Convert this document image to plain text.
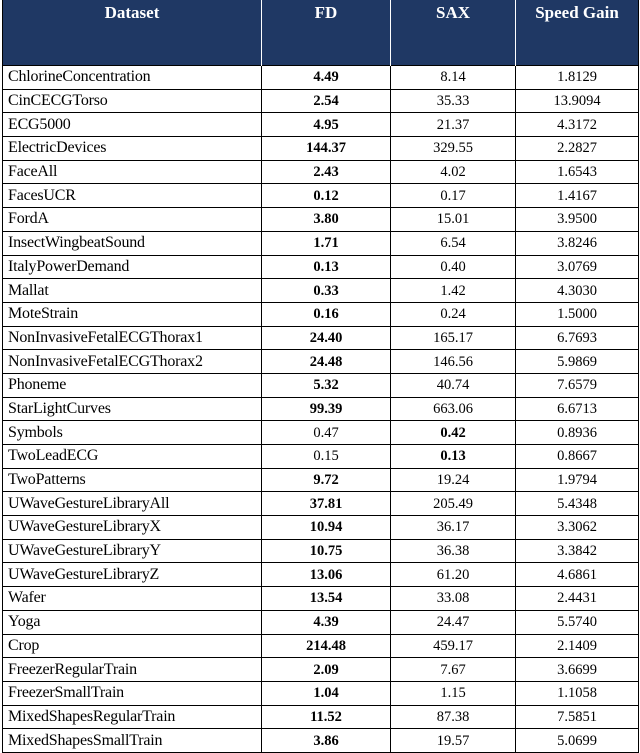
Dataset	FD	SAX	Speed Gain
ChlorineConcentration	4.49	8.14	1.8129
CinCECGTorso	2.54	35.33	13.9094
ECG5000	4.95	21.37	4.3172
ElectricDevices	144.37	329.55	2.2827
FaceAll	2.43	4.02	1.6543
FacesUCR	0.12	0.17	1.4167
FordA	3.80	15.01	3.9500
InsectWingbeatSound	1.71	6.54	3.8246
ItalyPowerDemand	0.13	0.40	3.0769
Mallat	0.33	1.42	4.3030
MoteStrain	0.16	0.24	1.5000
NonInvasiveFetalECGThorax1	24.40	165.17	6.7693
NonInvasiveFetalECGThorax2	24.48	146.56	5.9869
Phoneme	5.32	40.74	7.6579
StarLightCurves	99.39	663.06	6.6713
Symbols	0.47	0.42	0.8936
TwoLeadECG	0.15	0.13	0.8667
TwoPatterns	9.72	19.24	1.9794
UWaveGestureLibraryAll	37.81	205.49	5.4348
UWaveGestureLibraryX	10.94	36.17	3.3062
UWaveGestureLibraryY	10.75	36.38	3.3842
UWaveGestureLibraryZ	13.06	61.20	4.6861
Wafer	13.54	33.08	2.4431
Yoga	4.39	24.47	5.5740
Crop	214.48	459.17	2.1409
FreezerRegularTrain	2.09	7.67	3.6699
FreezerSmallTrain	1.04	1.15	1.1058
MixedShapesRegularTrain	11.52	87.38	7.5851
MixedShapesSmallTrain	3.86	19.57	5.0699
